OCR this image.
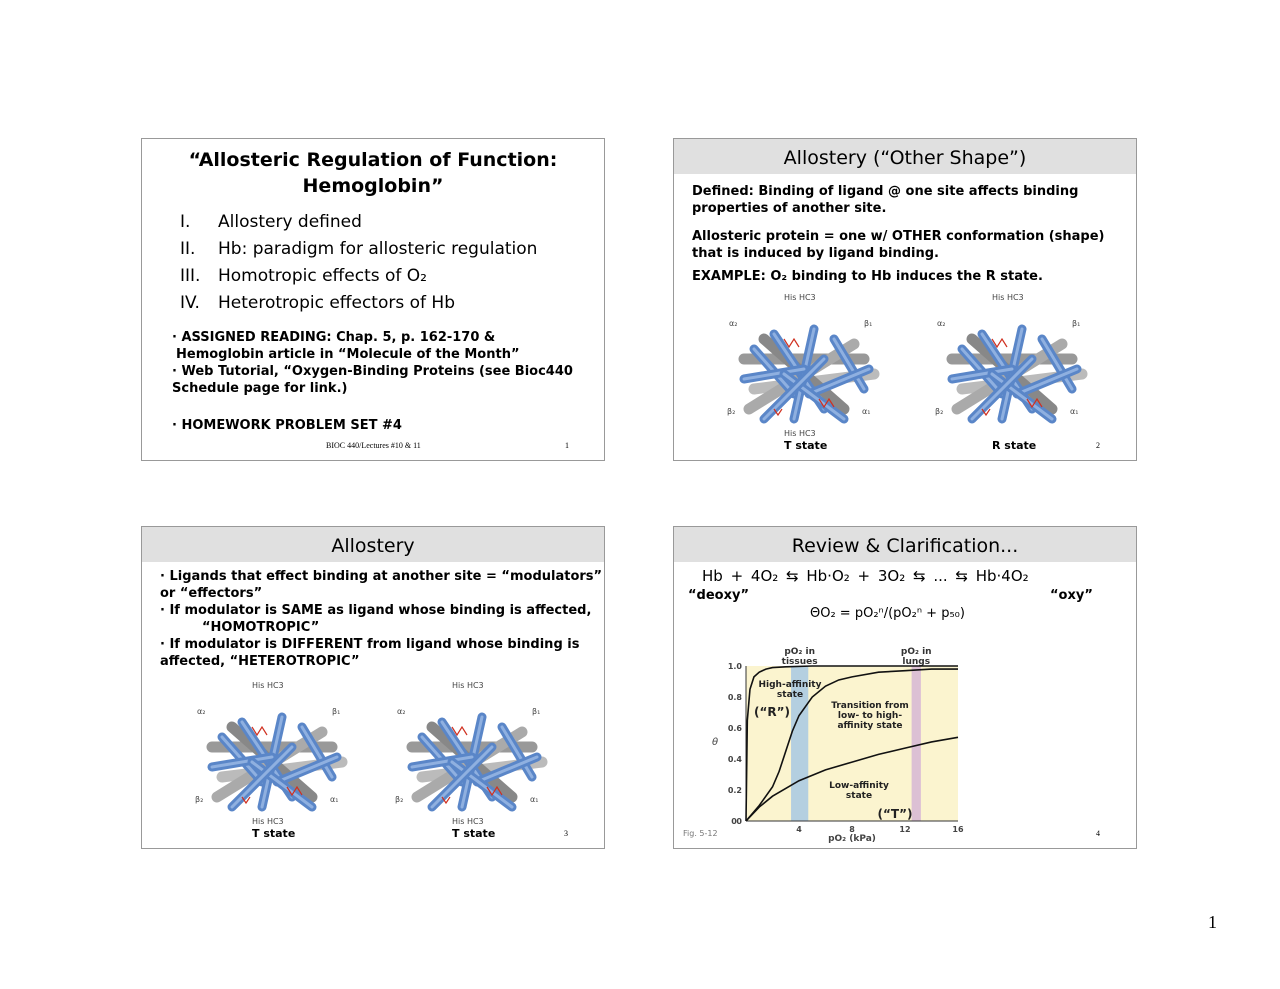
“Allosteric Regulation of Function:
Hemoglobin”
I. Allostery defined
II. Hb: paradigm for allosteric regulation
III. Homotropic effects of O₂
IV. Heterotropic effectors of Hb
· ASSIGNED READING: Chap. 5, p. 162-170 &
Hemoglobin article in “Molecule of the Month”
· Web Tutorial, “Oxygen-Binding Proteins (see Bioc440
Schedule page for link.)
· HOMEWORK PROBLEM SET #4
BIOC 440/Lectures #10 & 11	1
Allostery (“Other Shape”)
Defined: Binding of ligand @ one site affects binding
properties of another site.
Allosteric protein = one w/ OTHER conformation (shape)
that is induced by ligand binding.
EXAMPLE: O₂ binding to Hb induces the R state.
His HC3
His HC3
α₂	β₁
β₂	α₁
T state
His HC3
α₂	β₁
β₂	α₁
R state	2
Allostery
· Ligands that effect binding at another site = “modulators”
or “effectors”
· If modulator is SAME as ligand whose binding is affected,
“HOMOTROPIC”
· If modulator is DIFFERENT from ligand whose binding is
affected, “HETEROTROPIC”
His HC3
His HC3
α₂	β₁
β₂	α₁
T state
His HC3
His HC3
α₂	β₁
β₂	α₁
T state	3
Review & Clarification...
Hb + 4O₂ ⇆ Hb·O₂ + 3O₂ ⇆ ... ⇆ Hb·4O₂
“deoxy”	“oxy”
ΘO₂ = pO₂ⁿ/(pO₂ⁿ + p₅₀)
pO₂ in tissues
pO₂ in lungs
0
4	8	12	16
0
0.2
0.4
0.6
0.8
1.0
pO₂ (kPa)
θ
High-affinity
state
(“R”)	Transition from
low- to high-
affinity state
Low-affinity
state
(“T”)
Fig. 5-12	4
1
